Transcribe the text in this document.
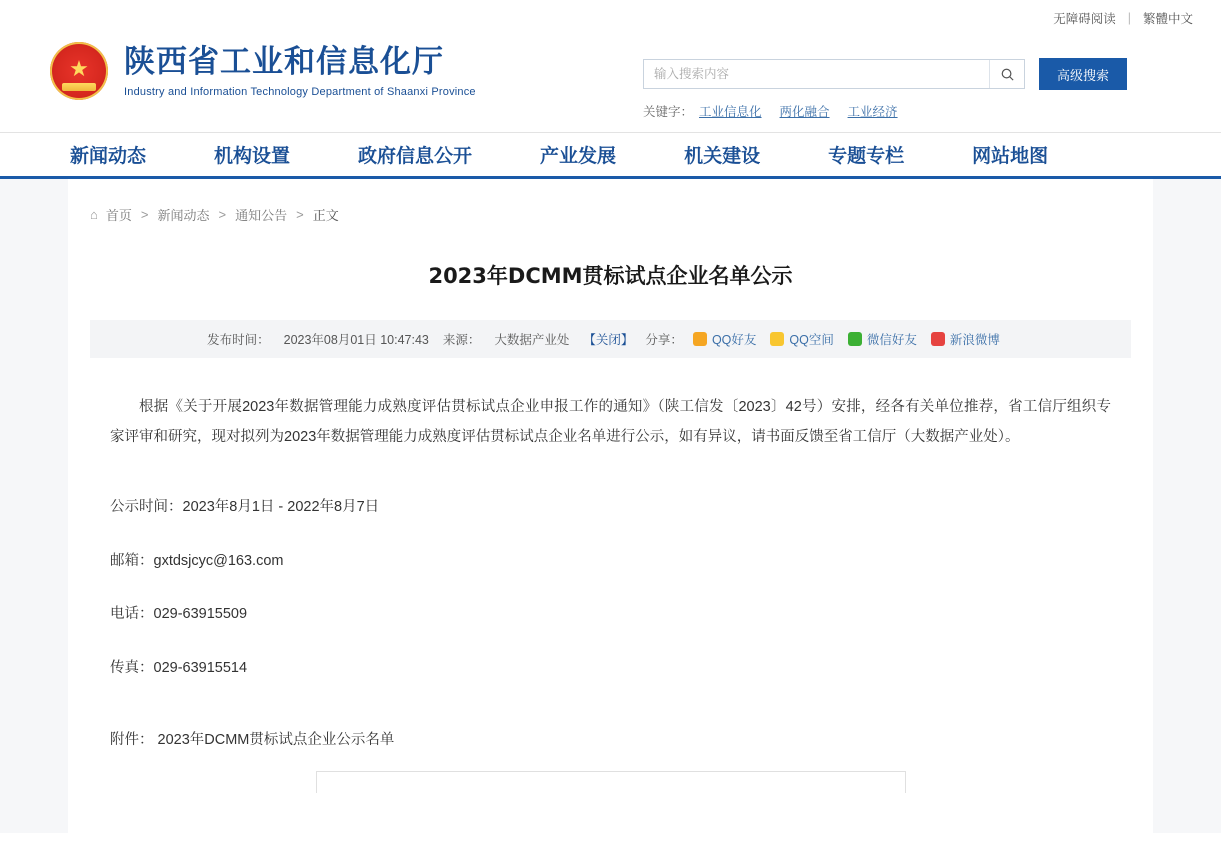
无障碍阅读 | 繁體中文
★
陕西省工业和信息化厅
Industry and Information Technology Department of Shaanxi Province
输入搜索内容
高级搜索
关键字： 工业信息化 两化融合 工业经济
新闻动态	机构设置	政府信息公开	产业发展	机关建设	专题专栏	网站地图
⌂ 首页 > 新闻动态 > 通知公告 > 正文
2023年DCMM贯标试点企业名单公示
发布时间： 2023年08月01日 10:47:43 来源： 大数据产业处 【关闭】 分享： QQ好友	QQ空间	微信好友	新浪微博

根据《关于开展2023年数据管理能力成熟度评估贯标试点企业申报工作的通知》（陕工信发〔2023〕42号）安排，经各有关单位推荐，省工信厅组织专家评审和研究，现对拟列为2023年数据管理能力成熟度评估贯标试点企业名单进行公示，如有异议，请书面反馈至省工信厅（大数据产业处）。

公示时间：2023年8月1日 - 2022年8月7日

邮箱：gxtdsjcyc@163.com

电话：029-63915509

传真：029-63915514

附件： 2023年DCMM贯标试点企业公示名单
